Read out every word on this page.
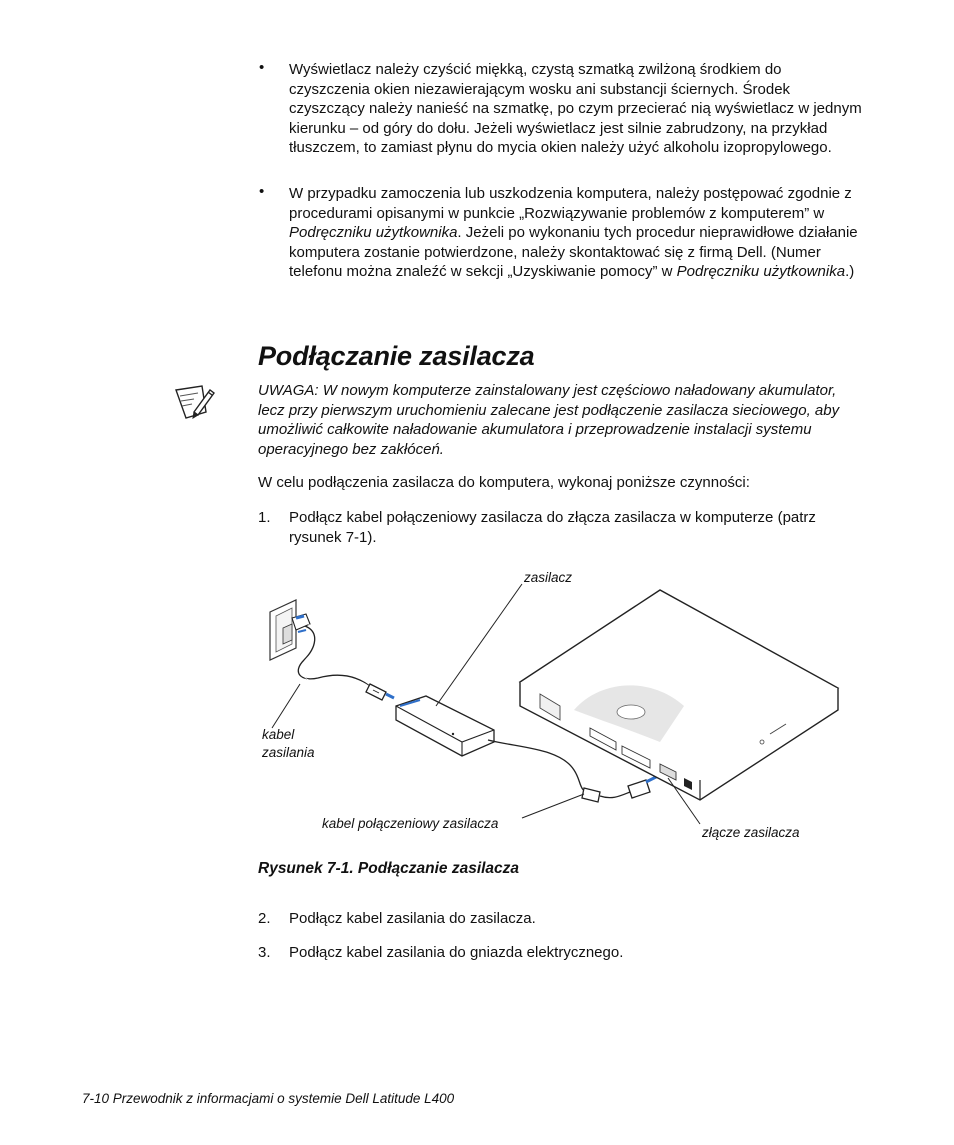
• Wyświetlacz należy czyścić miękką, czystą szmatką zwilżoną środkiem do czyszczenia okien niezawierającym wosku ani substancji ściernych. Środek czyszczący należy nanieść na szmatkę, po czym przecierać nią wyświetlacz w jednym kierunku – od góry do dołu. Jeżeli wyświetlacz jest silnie zabrudzony, na przykład tłuszczem, to zamiast płynu do mycia okien należy użyć alkoholu izopropylowego.
• W przypadku zamoczenia lub uszkodzenia komputera, należy postępować zgodnie z procedurami opisanymi w punkcie „Rozwiązywanie problemów z komputerem” w Podręczniku użytkownika. Jeżeli po wykonaniu tych procedur nieprawidłowe działanie komputera zostanie potwierdzone, należy skontaktować się z firmą Dell. (Numer telefonu można znaleźć w sekcji „Uzyskiwanie pomocy” w Podręczniku użytkownika.)
Podłączanie zasilacza
UWAGA: W nowym komputerze zainstalowany jest częściowo naładowany akumulator, lecz przy pierwszym uruchomieniu zalecane jest podłączenie zasilacza sieciowego, aby umożliwić całkowite naładowanie akumulatora i przeprowadzenie instalacji systemu operacyjnego bez zakłóceń.
W celu podłączenia zasilacza do komputera, wykonaj poniższe czynności:
1. Podłącz kabel połączeniowy zasilacza do złącza zasilacza w komputerze (patrz rysunek 7-1).
zasilacz
kabel
zasilania
kabel połączeniowy zasilacza
złącze zasilacza
Rysunek 7-1. Podłączanie zasilacza
2. Podłącz kabel zasilania do zasilacza.
3. Podłącz kabel zasilania do gniazda elektrycznego.
7-10 Przewodnik z informacjami o systemie Dell Latitude L400
